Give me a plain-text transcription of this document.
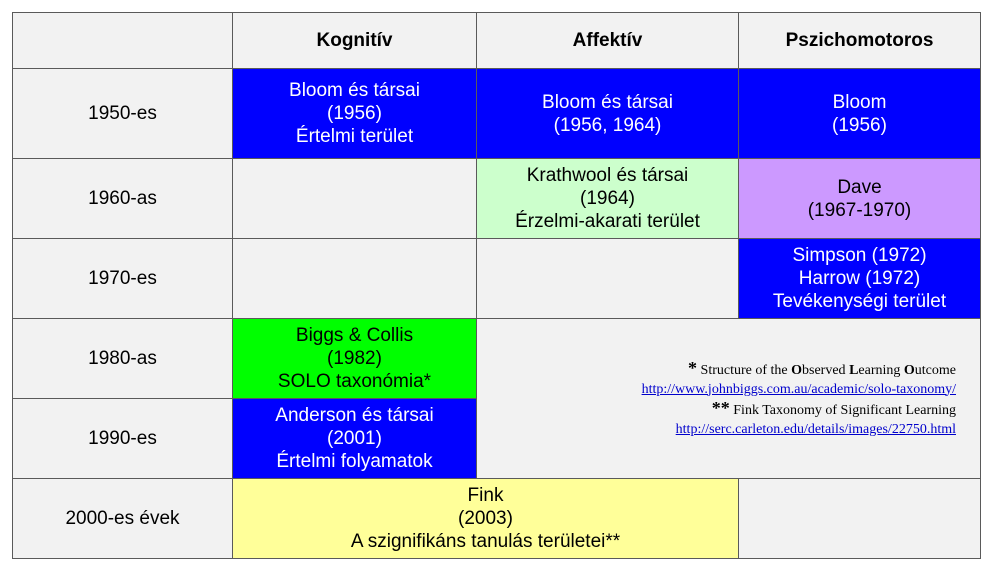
	Kognitív	Affektív	Pszichomotoros
1950-es	Bloom és társai
(1956)
Értelmi terület	Bloom és társai
(1956, 1964)	Bloom
(1956)

1960-as		Krathwool és társai
(1964)
Érzelmi-akarati terület	Dave
(1967-1970)

1970-es			Simpson (1972)
Harrow (1972)
Tevékenységi terület

1980-as	Biggs & Collis
(1982)
SOLO taxonómia*	* Structure of the Observed Learning Outcome
http://www.johnbiggs.com.au/academic/solo-taxonomy/
** Fink Taxonomy of Significant Learning
http://serc.carleton.edu/details/images/22750.html	

1990-es	Anderson és társai
(2001)
Értelmi folyamatok		

2000-es évek	Fink
(2003)
A szignifikáns tanulás területei**		
